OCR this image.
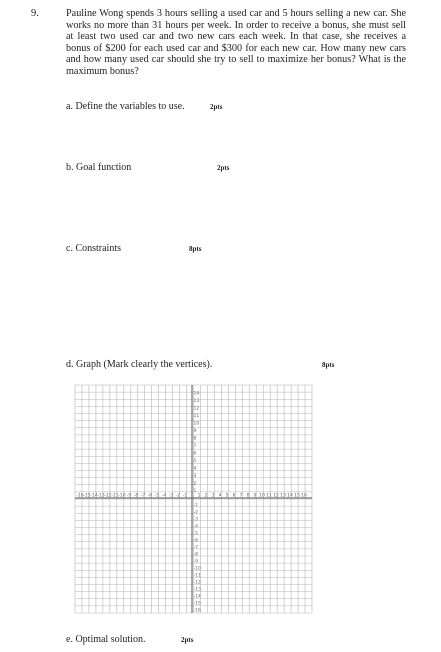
9.	Pauline Wong spends 3 hours selling a used car and 5 hours selling a new car. She works no more than 31 hours per week. In order to receive a bonus, she must sell at least two used car and two new cars each week. In that case, she receives a bonus of $200 for each used car and $300 for each new car. How many new cars and how many used car should she try to sell to maximize her bonus? What is the maximum bonus?
a. Define the variables to use.	2pts
b. Goal function	2pts
c. Constraints	8pts
d. Graph (Mark clearly the vertices).	8pts
-16 -15 -14 -13 -12 -11 -10 -9 -8 -7 -6 -5 -4 -3 -2 -1 1 2 3 4 5 6 7 8 9 10 11 12 13 14 15 16
14
13
12
11
10
9
8
7
6
5
4
3
2
1
-1
-2
-3
-4
-5
-6
-7
-8
-9
-10
-11
-12
-13
-14
-15
-16
e. Optimal solution.	2pts
